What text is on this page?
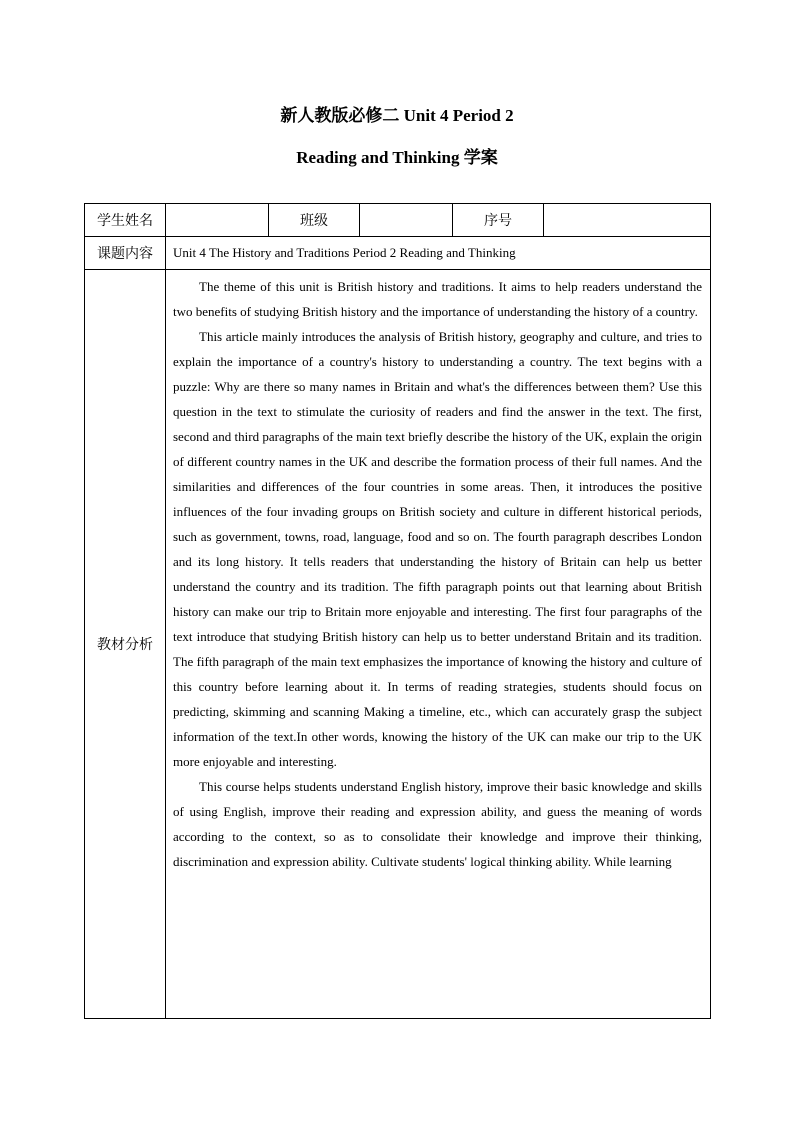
新人教版必修二 Unit 4 Period 2
Reading and Thinking 学案
学生姓名		班级		序号	
课题内容	Unit 4 The History and Traditions Period 2 Reading and Thinking				
教材分析	The theme of this unit is British history and traditions. It aims to help readers understand the two benefits of studying British history and the importance of understanding the history of a country.

This article mainly introduces the analysis of British history, geography and culture, and tries to explain the importance of a country's history to understanding a country. The text begins with a puzzle: Why are there so many names in Britain and what's the differences between them? Use this question in the text to stimulate the curiosity of readers and find the answer in the text. The first, second and third paragraphs of the main text briefly describe the history of the UK, explain the origin of different country names in the UK and describe the formation process of their full names. And the similarities and differences of the four countries in some areas. Then, it introduces the positive influences of the four invading groups on British society and culture in different historical periods, such as government, towns, road, language, food and so on. The fourth paragraph describes London and its long history. It tells readers that understanding the history of Britain can help us better understand the country and its tradition. The fifth paragraph points out that learning about British history can make our trip to Britain more enjoyable and interesting. The first four paragraphs of the text introduce that studying British history can help us to better understand Britain and its tradition. The fifth paragraph of the main text emphasizes the importance of knowing the history and culture of this country before learning about it. In terms of reading strategies, students should focus on predicting, skimming and scanning Making a timeline, etc., which can accurately grasp the subject information of the text.In other words, knowing the history of the UK can make our trip to the UK more enjoyable and interesting.

This course helps students understand English history, improve their basic knowledge and skills of using English, improve their reading and expression ability, and guess the meaning of words according to the context, so as to consolidate their knowledge and improve their thinking, discrimination and expression ability. Cultivate students' logical thinking ability. While learning				
